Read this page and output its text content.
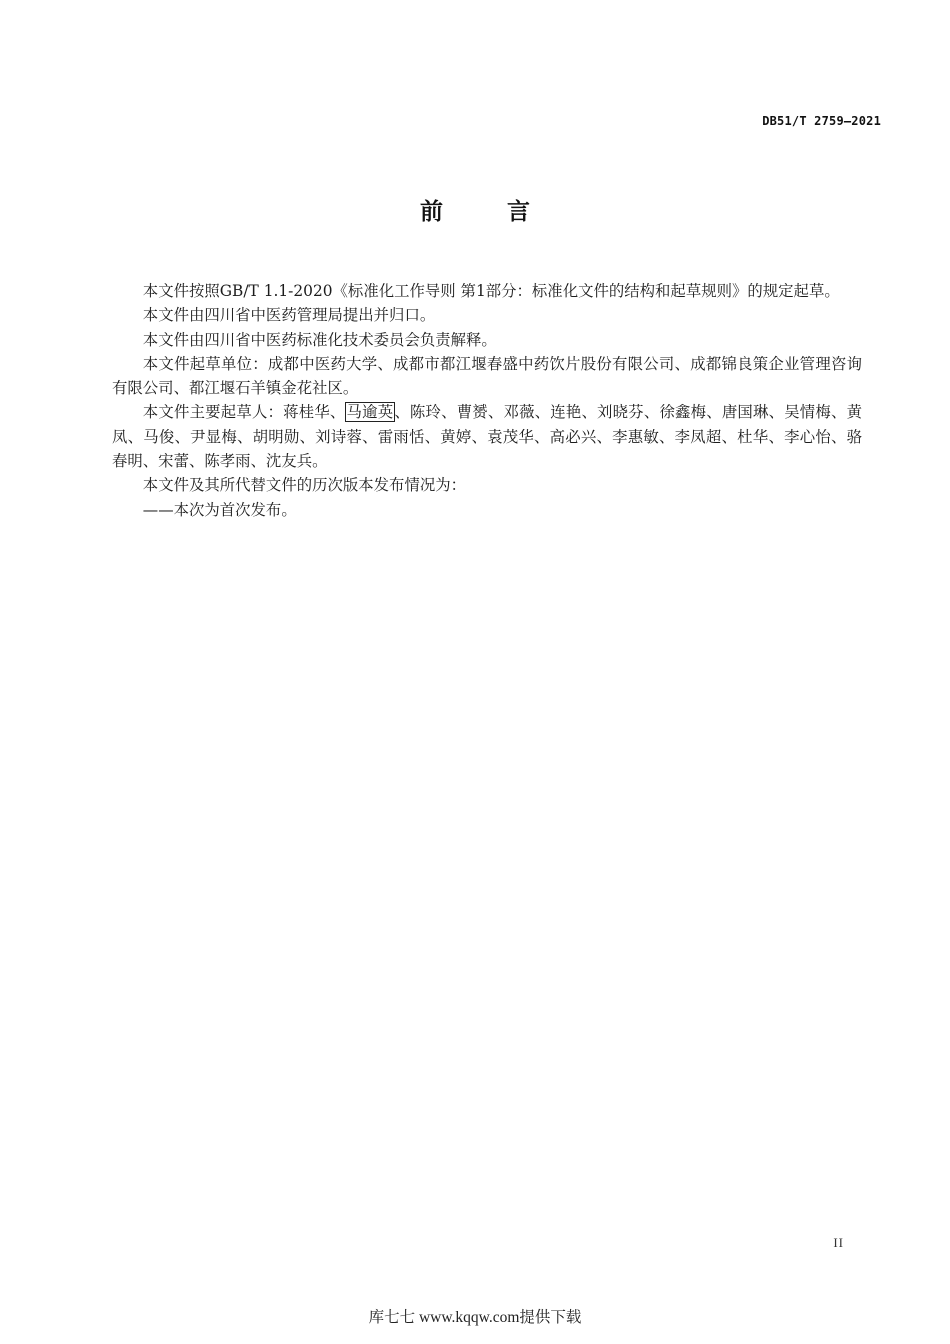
DB51/T 2759—2021
前	言

本文件按照GB/T 1.1-2020《标准化工作导则 第1部分：标准化文件的结构和起草规则》的规定起草。

本文件由四川省中医药管理局提出并归口。

本文件由四川省中医药标准化技术委员会负责解释。

本文件起草单位：成都中医药大学、成都市都江堰春盛中药饮片股份有限公司、成都锦良策企业管理咨询有限公司、都江堰石羊镇金花社区。

本文件主要起草人：蒋桂华、马逾英、陈玲、曹赟、邓薇、连艳、刘晓芬、徐鑫梅、唐国琳、吴情梅、黄凤、马俊、尹显梅、胡明勋、刘诗蓉、雷雨恬、黄婷、袁茂华、高必兴、李惠敏、李凤超、杜华、李心怡、骆春明、宋蕾、陈孝雨、沈友兵。

本文件及其所代替文件的历次版本发布情况为：

——本次为首次发布。

II
库七七 www.kqqw.com提供下载
